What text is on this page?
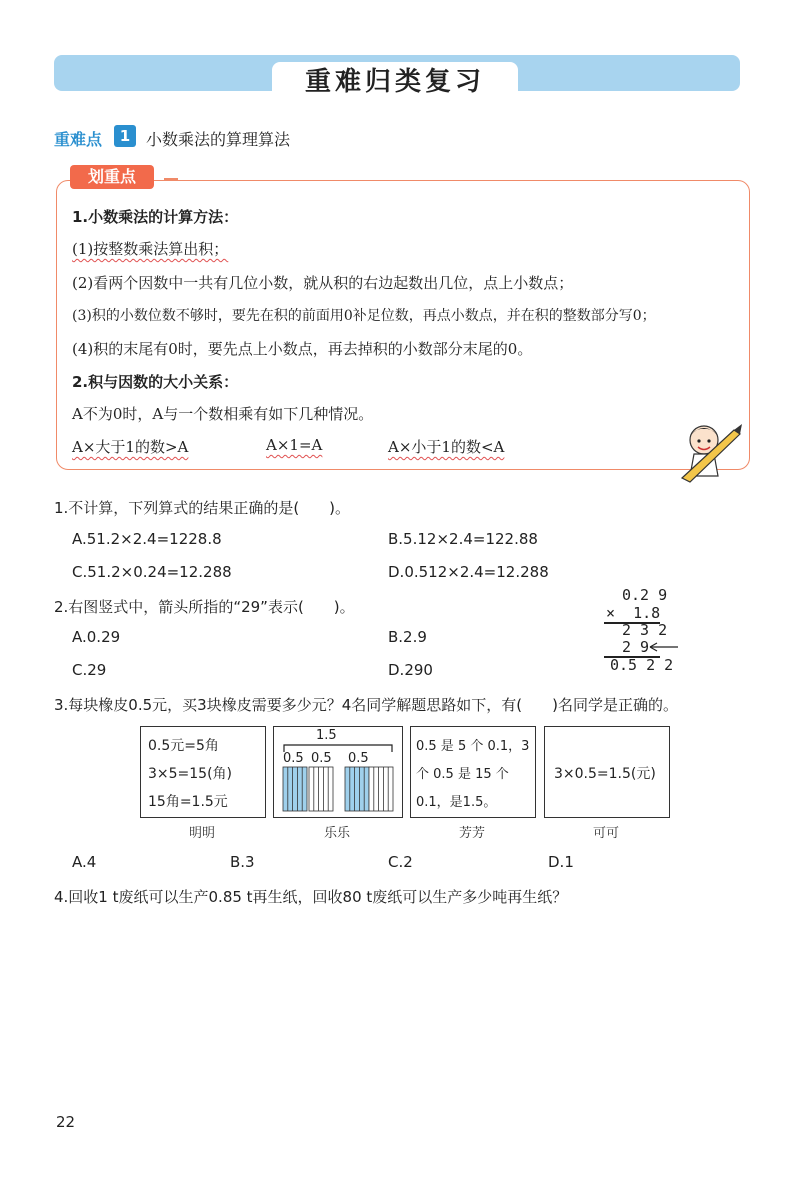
重难归类复习
重难点	1 小数乘法的算理算法
划重点
1.小数乘法的计算方法：
(1)按整数乘法算出积；
(2)看两个因数中一共有几位小数，就从积的右边起数出几位，点上小数点；
(3)积的小数位数不够时，要先在积的前面用0补足位数，再点小数点，并在积的整数部分写0；
(4)积的末尾有0时，要先点上小数点，再去掉积的小数部分末尾的0。
2.积与因数的大小关系：
A不为0时，A与一个数相乘有如下几种情况。
A×大于1的数>A	A×1=A	A×小于1的数<A
1.不计算，下列算式的结果正确的是(　　)。
A.51.2×2.4=1228.8	B.5.12×2.4=122.88
C.51.2×0.24=12.288	D.0.512×2.4=12.288
2.右图竖式中，箭头所指的“29”表示(　　)。
A.0.29	B.2.9
C.29	D.290
0.2 9
×  1.8
2 3 2
2 9
0.5 2 2
3.每块橡皮0.5元，买3块橡皮需要多少元？4名同学解题思路如下，有(　　)名同学是正确的。
0.5元=5角
3×5=15(角)
15角=1.5元
明明
1.5
0.5 0.5 0.5
乐乐
0.5 是 5 个 0.1，3
个 0.5 是 15 个
0.1，是1.5。
芳芳
3×0.5=1.5(元)
可可
A.4	B.3	C.2	D.1
4.回收1 t废纸可以生产0.85 t再生纸，回收80 t废纸可以生产多少吨再生纸？
22
